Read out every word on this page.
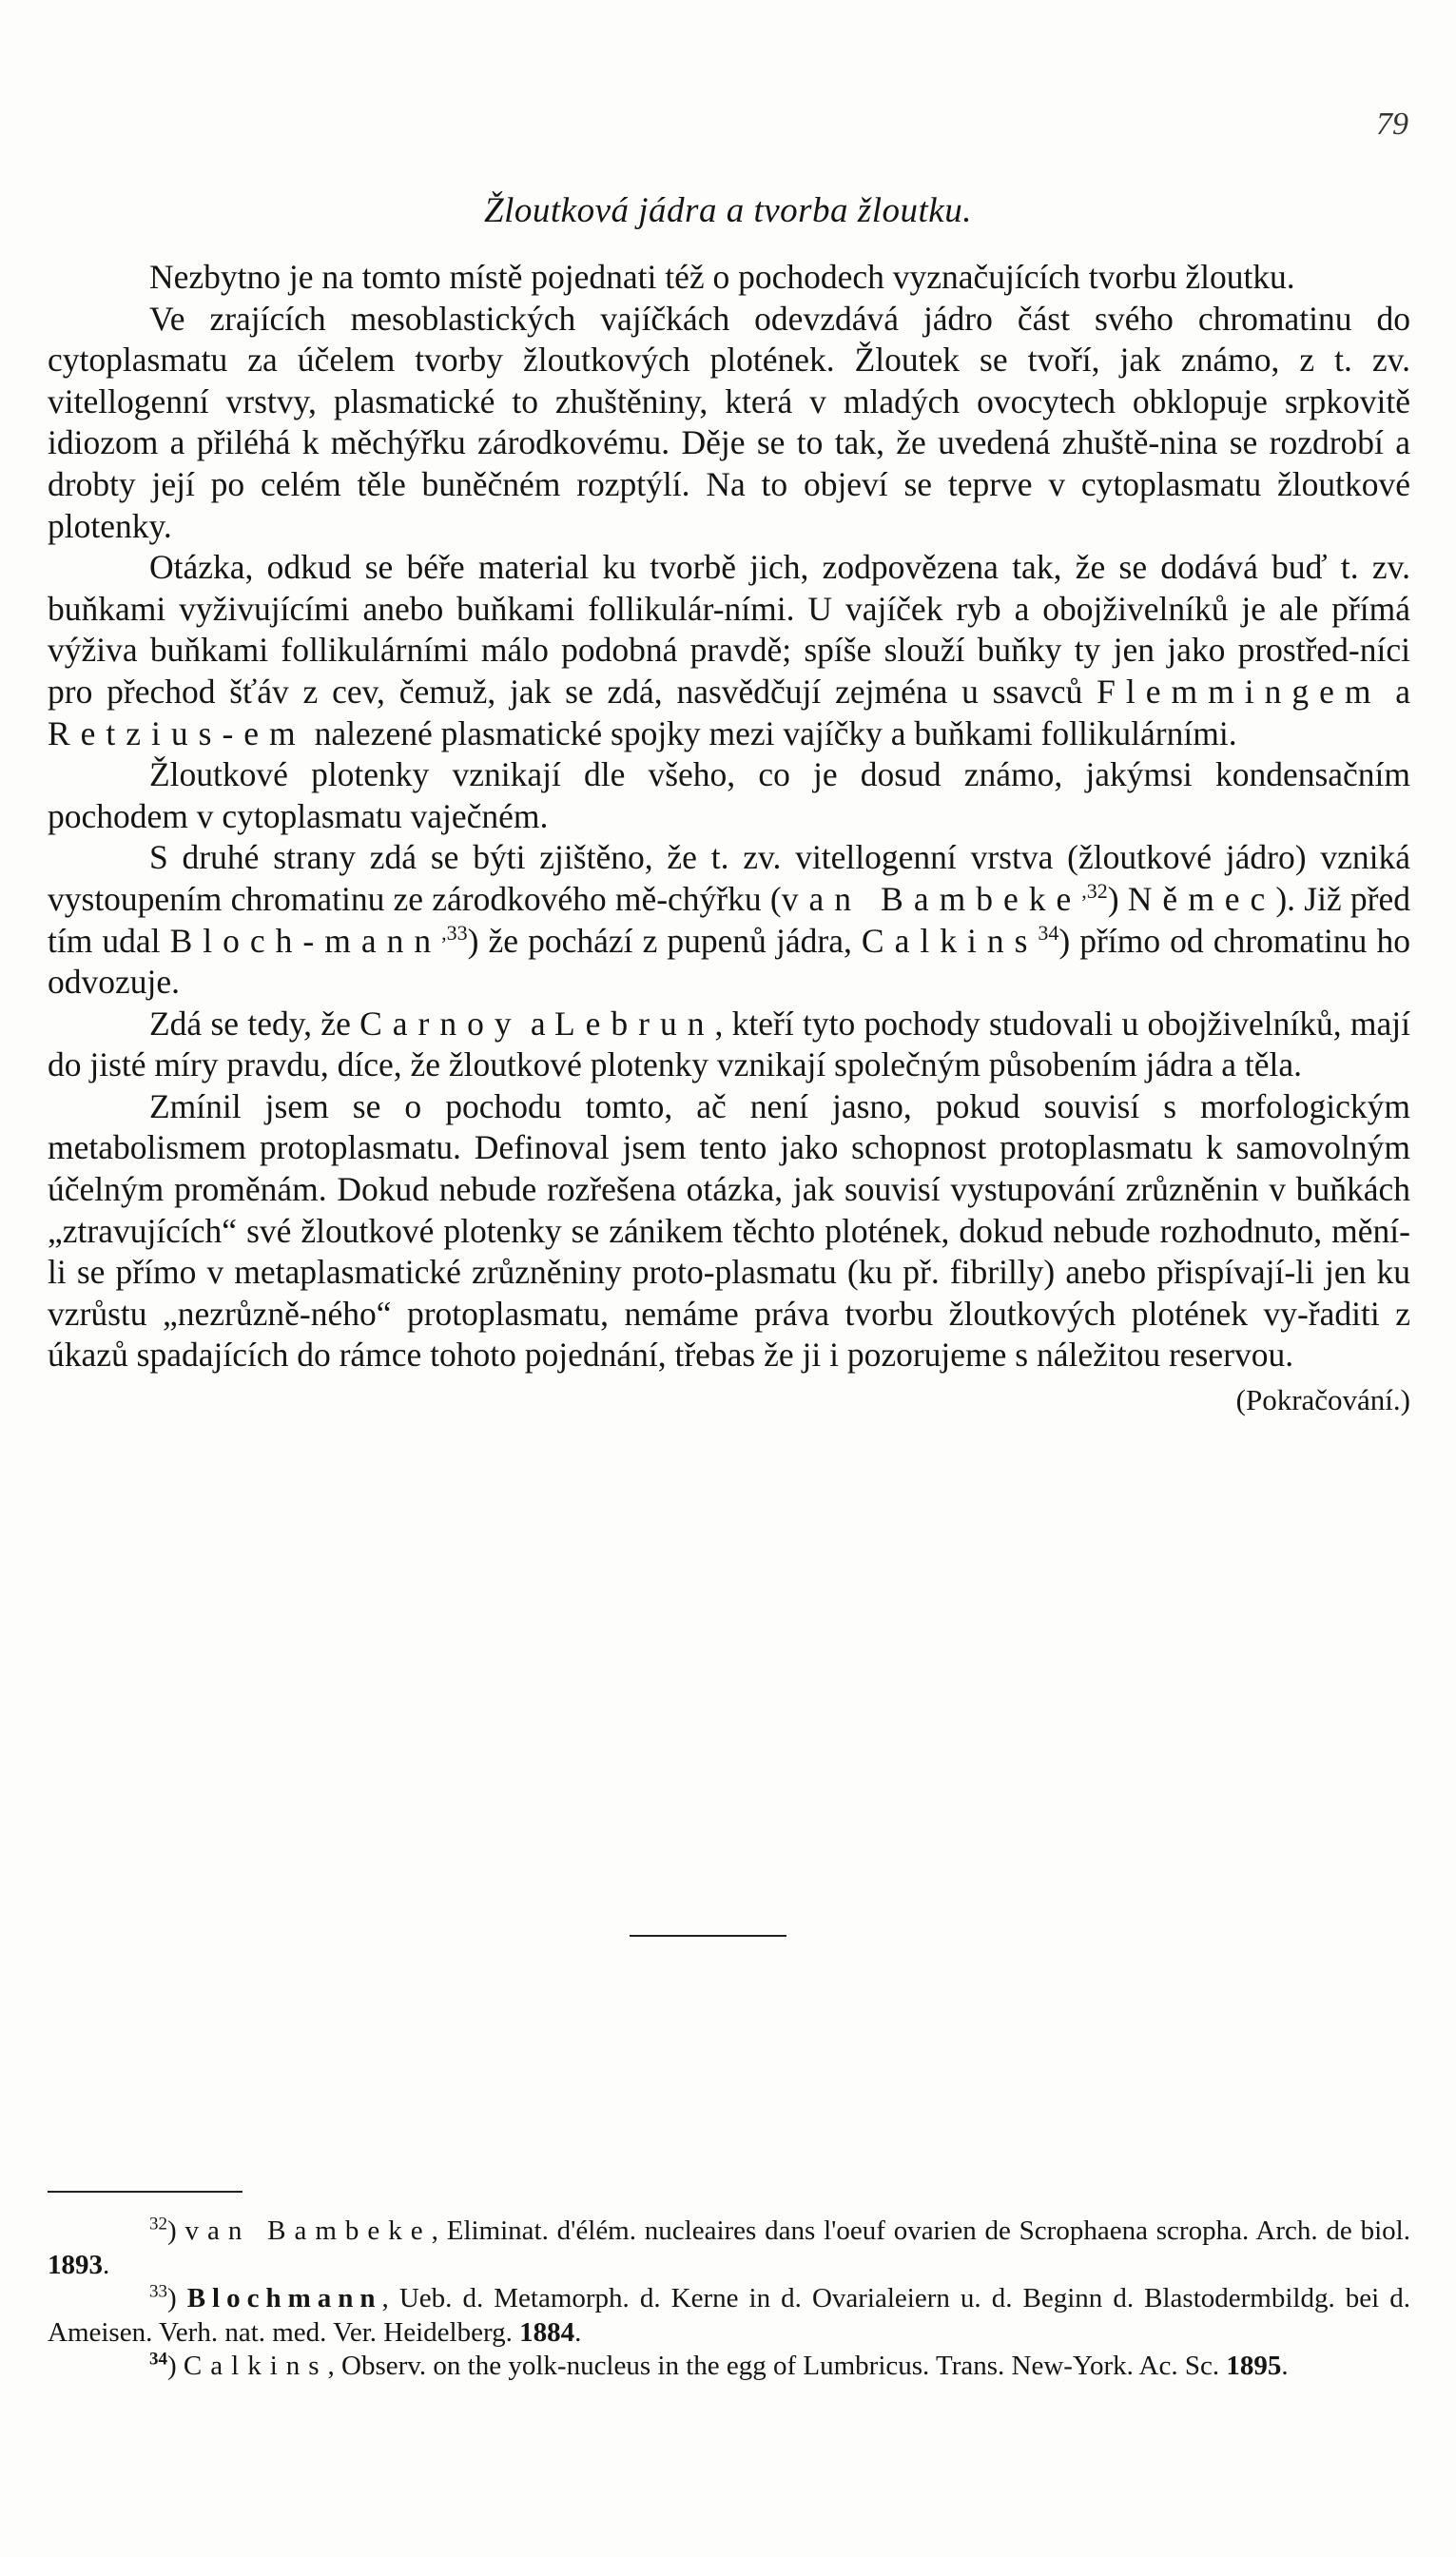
79
Žloutková jádra a tvorba žloutku.

Nezbytno je na tomto místě pojednati též o pochodech vyznačujících tvorbu žloutku.

Ve zrajících mesoblastických vajíčkách odevzdává jádro část svého chromatinu do cytoplasmatu za účelem tvorby žloutkových plotének. Žloutek se tvoří, jak známo, z t. zv. vitellogenní vrstvy, plasmatické to zhuštěniny, která v mladých ovocytech obklopuje srpkovitě idiozom a přiléhá k měchýřku zárodkovému. Děje se to tak, že uvedená zhuště-nina se rozdrobí a drobty její po celém těle buněčném rozptýlí. Na to objeví se teprve v cytoplasmatu žloutkové plotenky.

Otázka, odkud se béře material ku tvorbě jich, zodpovězena tak, že se dodává buď t. zv. buňkami vyživujícími anebo buňkami follikulár-ními. U vajíček ryb a obojživelníků je ale přímá výživa buňkami follikulárními málo podobná pravdě; spíše slouží buňky ty jen jako prostřed-níci pro přechod šťáv z cev, čemuž, jak se zdá, nasvědčují zejména u ssavců Flemmingem a Retzius-em nalezené plasmatické spojky mezi vajíčky a buňkami follikulárními.

Žloutkové plotenky vznikají dle všeho, co je dosud známo, jakýmsi kondensačním pochodem v cytoplasmatu vaječném.

S druhé strany zdá se býti zjištěno, že t. zv. vitellogenní vrstva (žloutkové jádro) vzniká vystoupením chromatinu ze zárodkového mě-chýřku (van Bambeke$^{,32}$) Němec). Již před tím udal Bloch-mann$^{,33}$) že pochází z pupenů jádra, Calkins$^{34}$) přímo od chromatinu ho odvozuje.

Zdá se tedy, že Carnoy a Lebrun, kteří tyto pochody studovali u obojživelníků, mají do jisté míry pravdu, díce, že žloutkové plotenky vznikají společným působením jádra a těla.

Zmínil jsem se o pochodu tomto, ač není jasno, pokud souvisí s morfologickým metabolismem protoplasmatu. Definoval jsem tento jako schopnost protoplasmatu k samovolným účelným proměnám. Dokud nebude rozřešena otázka, jak souvisí vystupování zrůzněnin v buňkách „ztravujících“ své žloutkové plotenky se zánikem těchto plotének, dokud nebude rozhodnuto, mění-li se přímo v metaplasmatické zrůzněniny proto-plasmatu (ku př. fibrilly) anebo přispívají-li jen ku vzrůstu „nezrůzně-ného“ protoplasmatu, nemáme práva tvorbu žloutkových plotének vy-řaditi z úkazů spadajících do rámce tohoto pojednání, třebas že ji i pozorujeme s náležitou reservou.
(Pokračování.)

$^{32}$) van Bambeke, Eliminat. d'élém. nucleaires dans l'oeuf ovarien de Scrophaena scropha. Arch. de biol. 1893.

$^{33}$) Blochmann, Ueb. d. Metamorph. d. Kerne in d. Ovarialeiern u. d. Beginn d. Blastodermbildg. bei d. Ameisen. Verh. nat. med. Ver. Heidelberg. 1884.

$^{34}$) Calkins, Observ. on the yolk-nucleus in the egg of Lumbricus. Trans. New-York. Ac. Sc. 1895.
